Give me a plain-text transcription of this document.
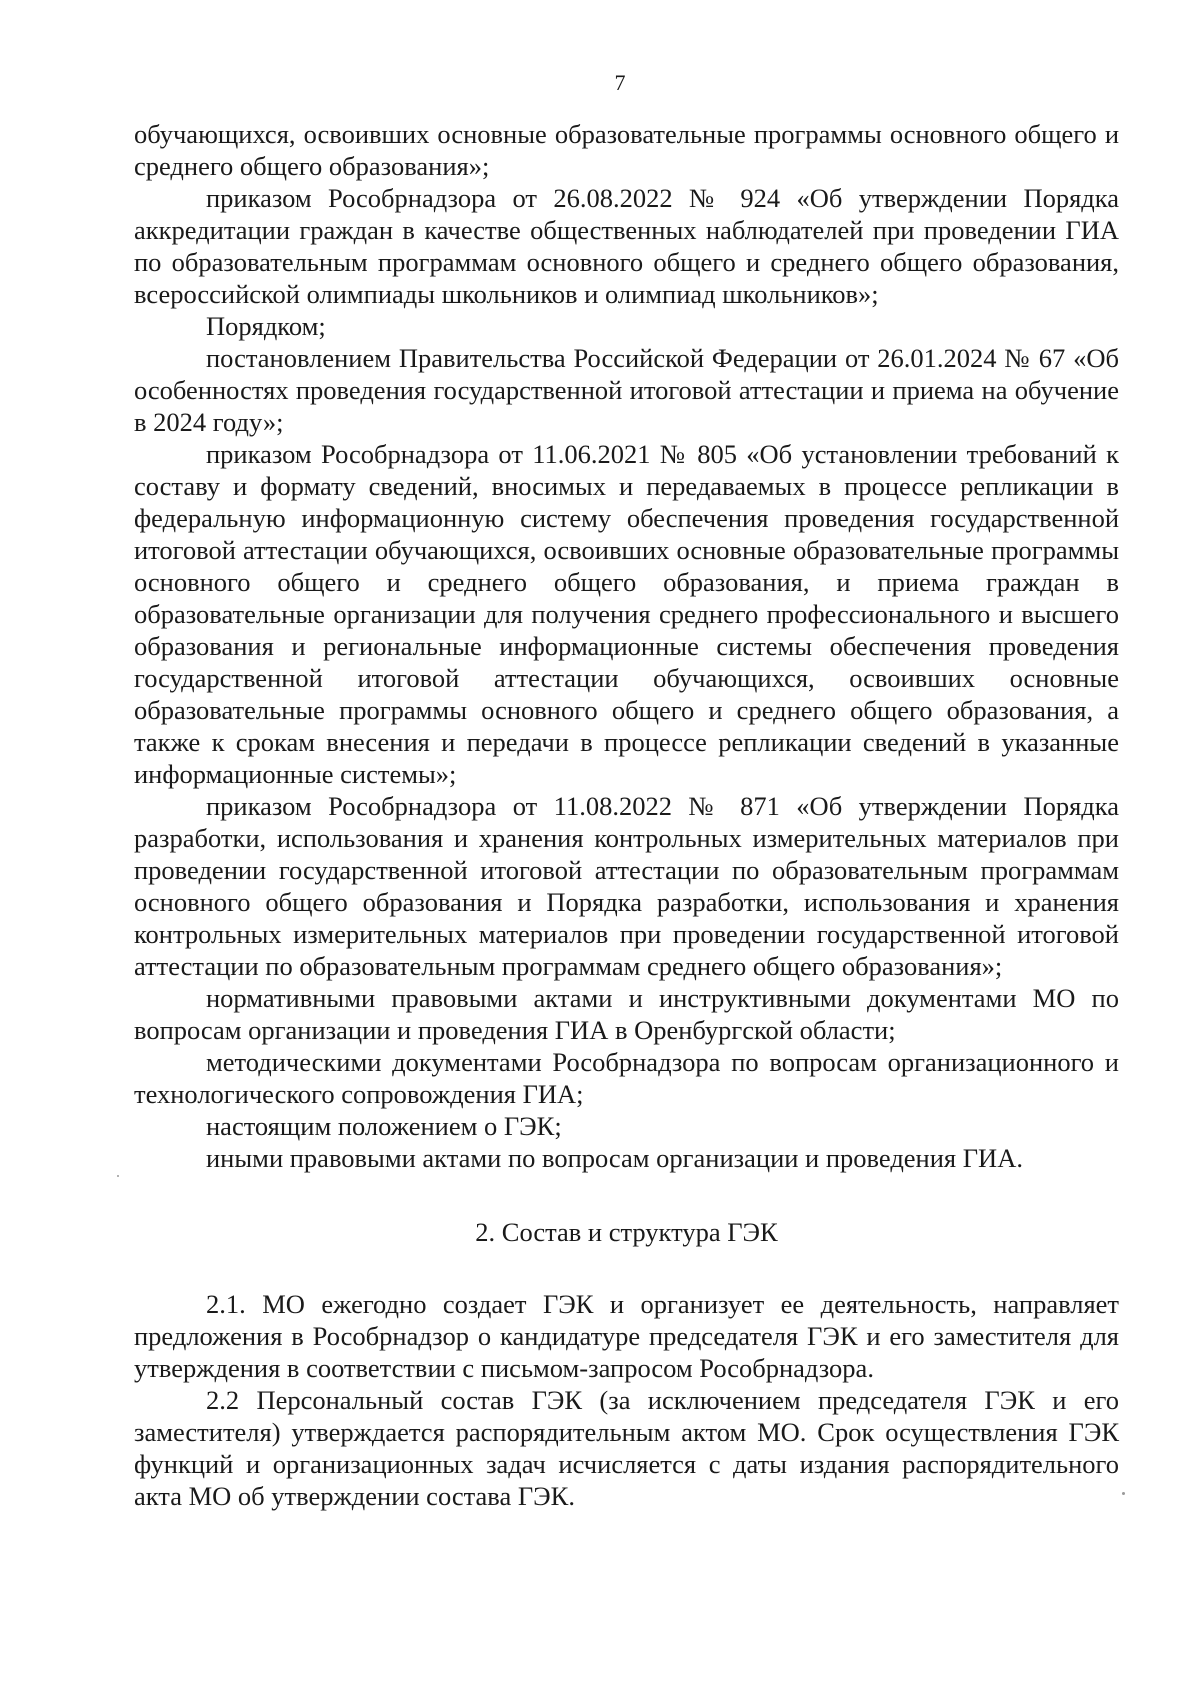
7

обучающихся, освоивших основные образовательные программы основного общего и среднего общего образования»;

приказом Рособрнадзора от 26.08.2022 № 924 «Об утверждении Порядка аккредитации граждан в качестве общественных наблюдателей при проведении ГИА по образовательным программам основного общего и среднего общего образования, всероссийской олимпиады школьников и олимпиад школьников»;

Порядком;

постановлением Правительства Российской Федерации от 26.01.2024 № 67 «Об особенностях проведения государственной итоговой аттестации и приема на обучение в 2024 году»;

приказом Рособрнадзора от 11.06.2021 № 805 «Об установлении требований к составу и формату сведений, вносимых и передаваемых в процессе репликации в федеральную информационную систему обеспечения проведения государственной итоговой аттестации обучающихся, освоивших основные образовательные программы основного общего и среднего общего образования, и приема граждан в образовательные организации для получения среднего профессионального и высшего образования и региональные информационные системы обеспечения проведения государственной итоговой аттестации обучающихся, освоивших основные образовательные программы основного общего и среднего общего образования, а также к срокам внесения и передачи в процессе репликации сведений в указанные информационные системы»;

приказом Рособрнадзора от 11.08.2022 № 871 «Об утверждении Порядка разработки, использования и хранения контрольных измерительных материалов при проведении государственной итоговой аттестации по образовательным программам основного общего образования и Порядка разработки, использования и хранения контрольных измерительных материалов при проведении государственной итоговой аттестации по образовательным программам среднего общего образования»;

нормативными правовыми актами и инструктивными документами МО по вопросам организации и проведения ГИА в Оренбургской области;

методическими документами Рособрнадзора по вопросам организационного и технологического сопровождения ГИА;

настоящим положением о ГЭК;

иными правовыми актами по вопросам организации и проведения ГИА.

2. Состав и структура ГЭК

2.1. МО ежегодно создает ГЭК и организует ее деятельность, направляет предложения в Рособрнадзор о кандидатуре председателя ГЭК и его заместителя для утверждения в соответствии с письмом-запросом Рособрнадзора.

2.2 Персональный состав ГЭК (за исключением председателя ГЭК и его заместителя) утверждается распорядительным актом МО. Срок осуществления ГЭК функций и организационных задач исчисляется с даты издания распорядительного акта МО об утверждении состава ГЭК.
